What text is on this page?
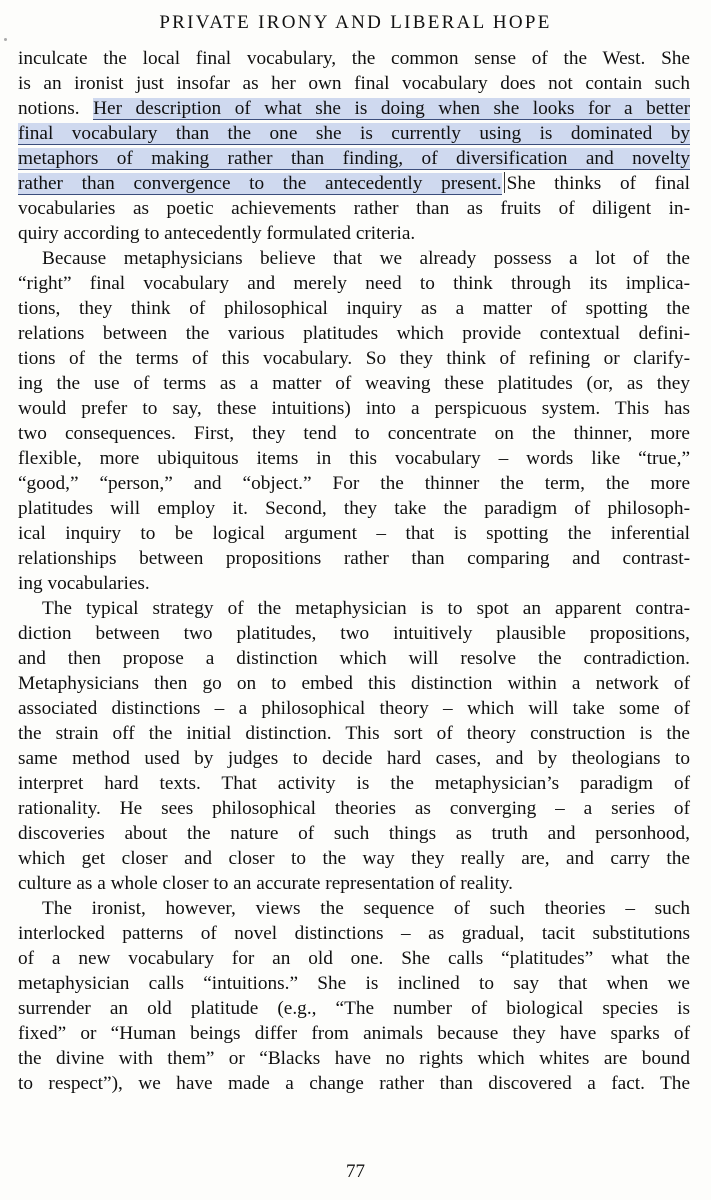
PRIVATE IRONY AND LIBERAL HOPE
inculcate the local final vocabulary, the common sense of the West. She
is an ironist just insofar as her own final vocabulary does not contain such
notions. Her description of what she is doing when she looks for a better
final vocabulary than the one she is currently using is dominated by
metaphors of making rather than finding, of diversification and novelty
rather than convergence to the antecedently present. She thinks of final
vocabularies as poetic achievements rather than as fruits of diligent in-
quiry according to antecedently formulated criteria.
Because metaphysicians believe that we already possess a lot of the
“right” final vocabulary and merely need to think through its implica-
tions, they think of philosophical inquiry as a matter of spotting the
relations between the various platitudes which provide contextual defini-
tions of the terms of this vocabulary. So they think of refining or clarify-
ing the use of terms as a matter of weaving these platitudes (or, as they
would prefer to say, these intuitions) into a perspicuous system. This has
two consequences. First, they tend to concentrate on the thinner, more
flexible, more ubiquitous items in this vocabulary – words like “true,”
“good,” “person,” and “object.” For the thinner the term, the more
platitudes will employ it. Second, they take the paradigm of philosoph-
ical inquiry to be logical argument – that is spotting the inferential
relationships between propositions rather than comparing and contrast-
ing vocabularies.
The typical strategy of the metaphysician is to spot an apparent contra-
diction between two platitudes, two intuitively plausible propositions,
and then propose a distinction which will resolve the contradiction.
Metaphysicians then go on to embed this distinction within a network of
associated distinctions – a philosophical theory – which will take some of
the strain off the initial distinction. This sort of theory construction is the
same method used by judges to decide hard cases, and by theologians to
interpret hard texts. That activity is the metaphysician’s paradigm of
rationality. He sees philosophical theories as converging – a series of
discoveries about the nature of such things as truth and personhood,
which get closer and closer to the way they really are, and carry the
culture as a whole closer to an accurate representation of reality.
The ironist, however, views the sequence of such theories – such
interlocked patterns of novel distinctions – as gradual, tacit substitutions
of a new vocabulary for an old one. She calls “platitudes” what the
metaphysician calls “intuitions.” She is inclined to say that when we
surrender an old platitude (e.g., “The number of biological species is
fixed” or “Human beings differ from animals because they have sparks of
the divine with them” or “Blacks have no rights which whites are bound
to respect”), we have made a change rather than discovered a fact. The
77
